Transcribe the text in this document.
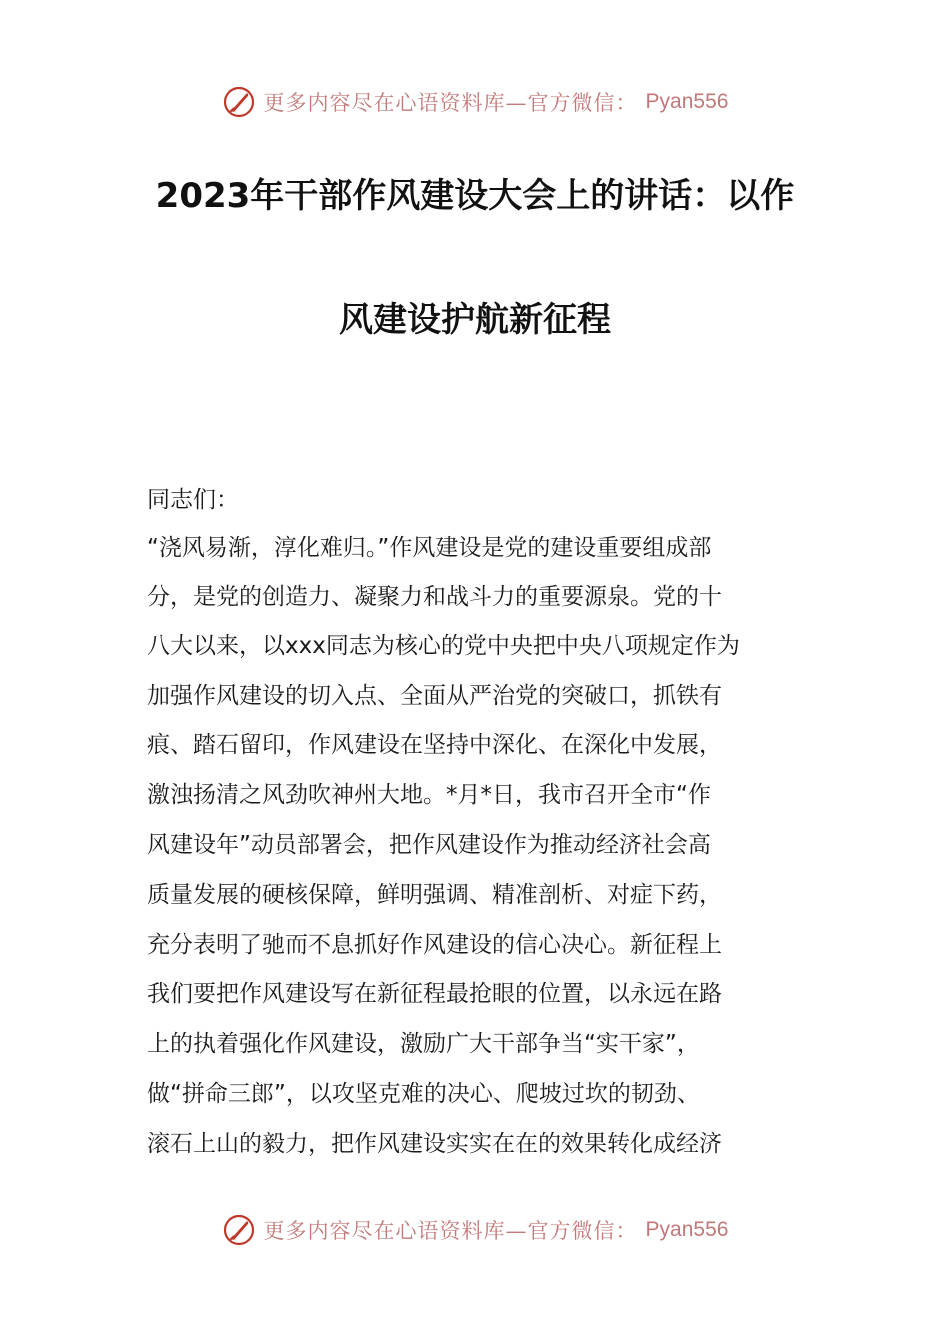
更多内容尽在心语资料库—官方微信： Pyan556
2023年干部作风建设大会上的讲话：以作
风建设护航新征程
同志们：
“浇风易渐，淳化难归。”作风建设是党的建设重要组成部
分，是党的创造力、凝聚力和战斗力的重要源泉。党的十
八大以来，以xxx同志为核心的党中央把中央八项规定作为
加强作风建设的切入点、全面从严治党的突破口，抓铁有
痕、踏石留印，作风建设在坚持中深化、在深化中发展，
激浊扬清之风劲吹神州大地。*月*日，我市召开全市“作
风建设年”动员部署会，把作风建设作为推动经济社会高
质量发展的硬核保障，鲜明强调、精准剖析、对症下药，
充分表明了驰而不息抓好作风建设的信心决心。新征程上
我们要把作风建设写在新征程最抢眼的位置，以永远在路
上的执着强化作风建设，激励广大干部争当“实干家”，
做“拼命三郎”，以攻坚克难的决心、爬坡过坎的韧劲、
滚石上山的毅力，把作风建设实实在在的效果转化成经济
更多内容尽在心语资料库—官方微信： Pyan556
